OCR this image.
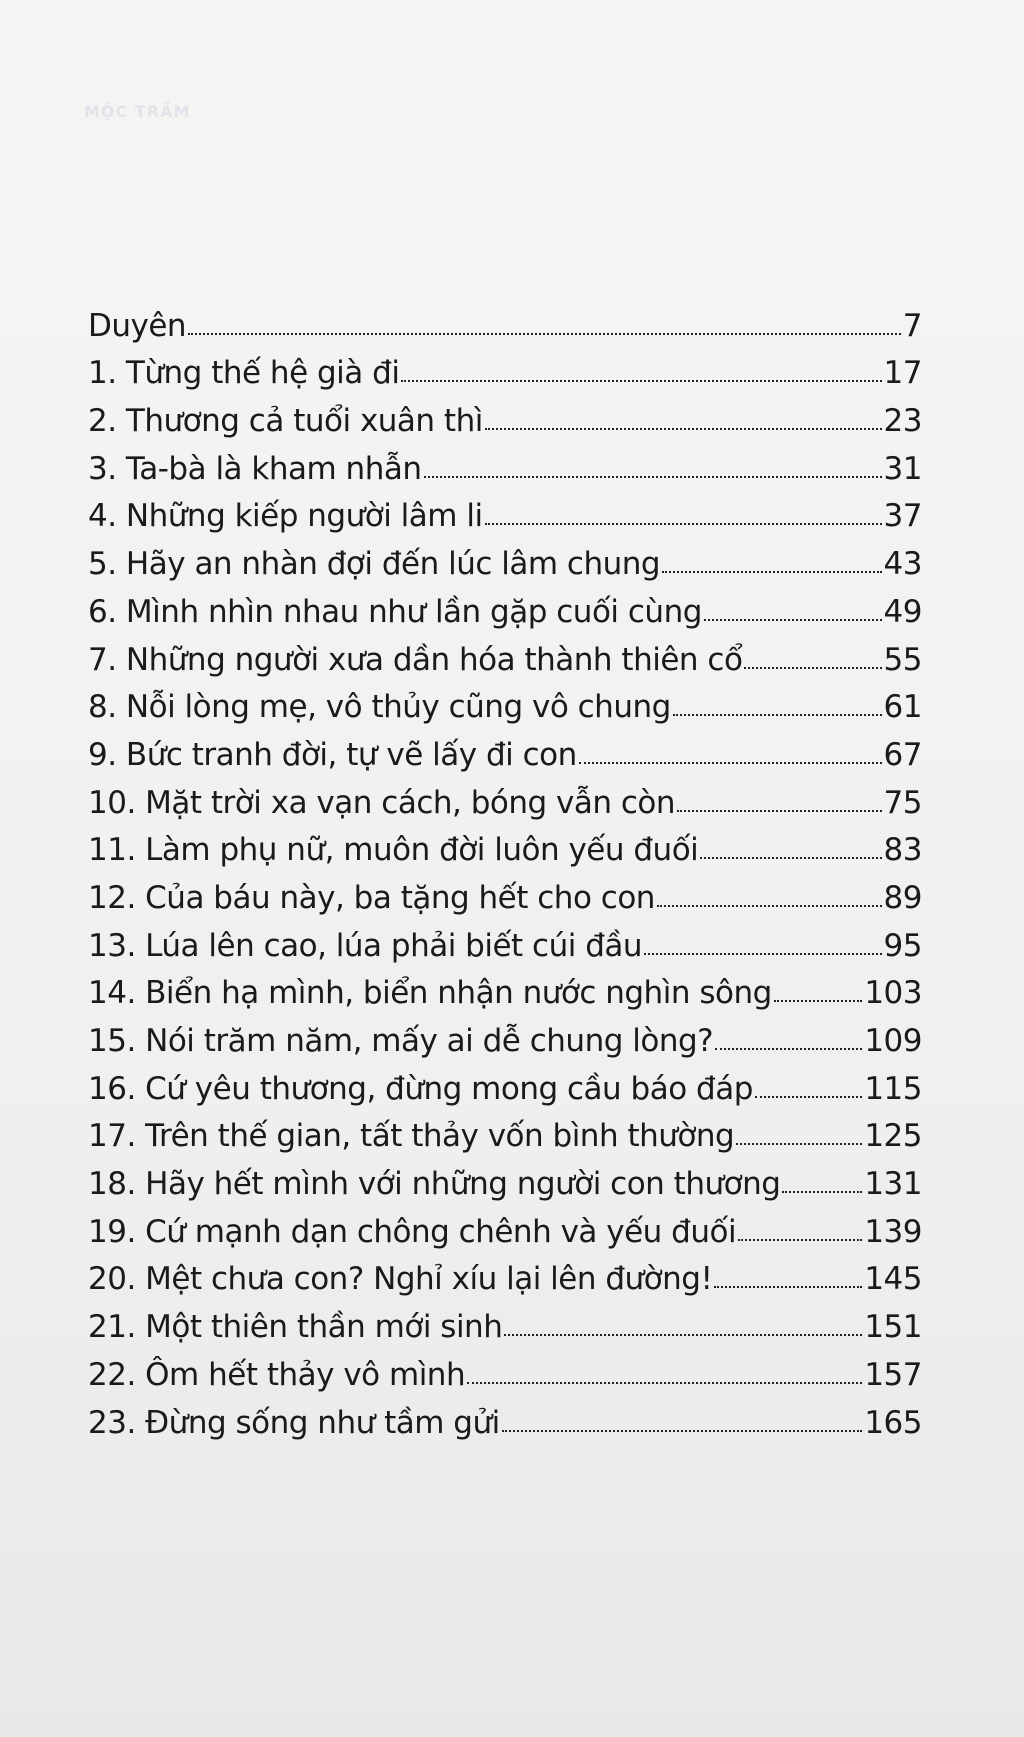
MỘC TRẦM
Duyên	7
1. Từng thế hệ già đi	17
2. Thương cả tuổi xuân thì	23
3. Ta-bà là kham nhẫn	31
4. Những kiếp người lâm li	37
5. Hãy an nhàn đợi đến lúc lâm chung	43
6. Mình nhìn nhau như lần gặp cuối cùng	49
7. Những người xưa dần hóa thành thiên cổ	55
8. Nỗi lòng mẹ, vô thủy cũng vô chung	61
9. Bức tranh đời, tự vẽ lấy đi con	67
10. Mặt trời xa vạn cách, bóng vẫn còn	75
11. Làm phụ nữ, muôn đời luôn yếu đuối	83
12. Của báu này, ba tặng hết cho con	89
13. Lúa lên cao, lúa phải biết cúi đầu	95
14. Biển hạ mình, biển nhận nước nghìn sông	103
15. Nói trăm năm, mấy ai dễ chung lòng?	109
16. Cứ yêu thương, đừng mong cầu báo đáp	115
17. Trên thế gian, tất thảy vốn bình thường	125
18. Hãy hết mình với những người con thương	131
19. Cứ mạnh dạn chông chênh và yếu đuối	139
20. Mệt chưa con? Nghỉ xíu lại lên đường!	145
21. Một thiên thần mới sinh	151
22. Ôm hết thảy vô mình	157
23. Đừng sống như tầm gửi	165
